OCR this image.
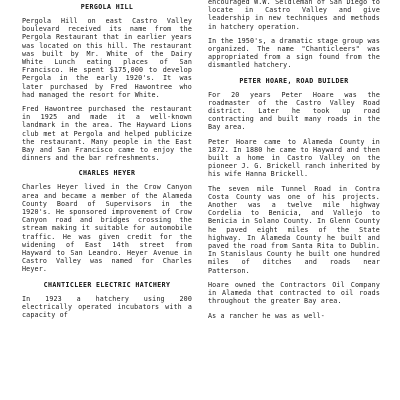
PERGOLA HILL

Pergola Hill on east Castro Valley boulevard received its name from the Pergola Restaurant that in earlier years was located on this hill. The restaurant was built by Mr. White of the Dairy White Lunch eating places of San Francisco. He spent $175,000 to develop Pergola in the early 1920's. It was later purchased by Fred Hawontree who had managed the resort for White.

Fred Hawontree purchased the restaurant in 1925 and made it a well-known landmark in the area. The Hayward Lions club met at Pergola and helped publicize the restaurant. Many people in the East Bay and San Francisco came to enjoy the dinners and the bar refreshments.

CHARLES HEYER

Charles Heyer lived in the Crow Canyon area and became a member of the Alameda County Board of Supervisors in the 1920's. He sponsored improvement of Crow Canyon road and bridges crossing the stream making it suitable for automobile traffic. He was given credit for the widening of East 14th street from Hayward to San Leandro. Heyer Avenue in Castro Valley was named for Charles Heyer.

CHANTICLEER ELECTRIC HATCHERY

In 1923 a hatchery using 200 electrically operated incubators with a capacity of

encouraged W.W. Seldleman of San Diego to locate in Castro Valley and give leadership in new techniques and methods in hatchery operation.

In the 1950's, a dramatic stage group was organized. The name "Chanticleers" was appropriated from a sign found from the dismantled hatchery.

PETER HOARE, ROAD BUILDER

For 20 years Peter Hoare was the roadmaster of the Castro Valley Road district. Later he took up road contracting and built many roads in the Bay area.

Peter Hoare came to Alameda County in 1872. In 1880 he came to Hayward and then built a home in Castro Valley on the pioneer J. G. Brickell ranch inherited by his wife Hanna Brickell.

The seven mile Tunnel Road in Contra Costa County was one of his projects. Another was a twelve mile highway Cordelia to Benicia, and Vallejo to Benicia in Solano County. In Glenn County he paved eight miles of the State highway. In Alameda County he built and paved the road from Santa Rita to Dublin. In Stanislaus County he built one hundred miles of ditches and roads near Patterson.

Hoare owned the Contractors Oil Company in Alameda that contracted to oil roads throughout the greater Bay area.

As a rancher he was as well-
